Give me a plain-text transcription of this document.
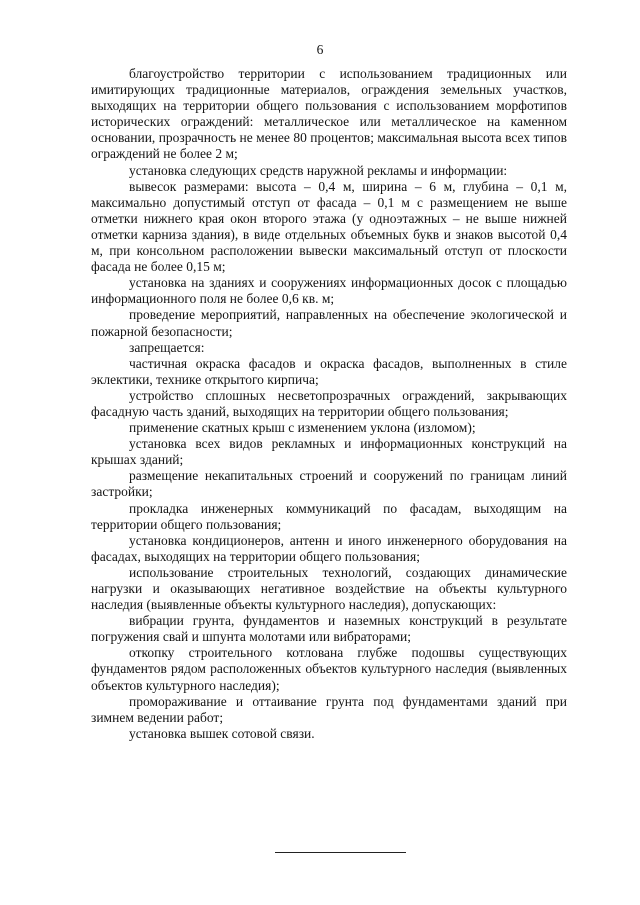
6

благоустройство территории с использованием традиционных или имитирующих традиционные материалов, ограждения земельных участков, выходящих на территории общего пользования с использованием морфотипов исторических ограждений: металлическое или металлическое на каменном основании, прозрачность не менее 80 процентов; максимальная высота всех типов ограждений не более 2 м;

установка следующих средств наружной рекламы и информации:

вывесок размерами: высота – 0,4 м, ширина – 6 м, глубина – 0,1 м, максимально допустимый отступ от фасада – 0,1 м с размещением не выше отметки нижнего края окон второго этажа (у одноэтажных – не выше нижней отметки карниза здания), в виде отдельных объемных букв и знаков высотой 0,4 м, при консольном расположении вывески максимальный отступ от плоскости фасада не более 0,15 м;

установка на зданиях и сооружениях информационных досок с площадью информационного поля не более 0,6 кв. м;

проведение мероприятий, направленных на обеспечение экологической и пожарной безопасности;

запрещается:

частичная окраска фасадов и окраска фасадов, выполненных в стиле эклектики, технике открытого кирпича;

устройство сплошных несветопрозрачных ограждений, закрывающих фасадную часть зданий, выходящих на территории общего пользования;

применение скатных крыш с изменением уклона (изломом);

установка всех видов рекламных и информационных конструкций на крышах зданий;

размещение некапитальных строений и сооружений по границам линий застройки;

прокладка инженерных коммуникаций по фасадам, выходящим на территории общего пользования;

установка кондиционеров, антенн и иного инженерного оборудования на фасадах, выходящих на территории общего пользования;

использование строительных технологий, создающих динамические нагрузки и оказывающих негативное воздействие на объекты культурного наследия (выявленные объекты культурного наследия), допускающих:

вибрации грунта, фундаментов и наземных конструкций в результате погружения свай и шпунта молотами или вибраторами;

откопку строительного котлована глубже подошвы существующих фундаментов рядом расположенных объектов культурного наследия (выявленных объектов культурного наследия);

промораживание и оттаивание грунта под фундаментами зданий при зимнем ведении работ;

установка вышек сотовой связи.
